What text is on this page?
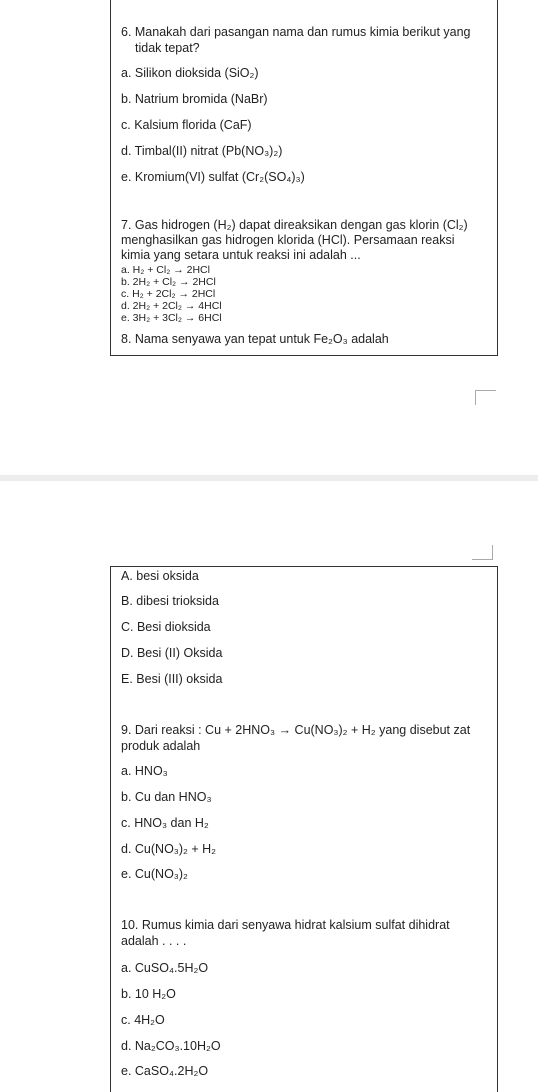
6. Manakah dari pasangan nama dan rumus kimia berikut yang
tidak tepat?
a. Silikon dioksida (SiO₂)
b. Natrium bromida (NaBr)
c. Kalsium florida (CaF)
d. Timbal(II) nitrat (Pb(NO₃)₂)
e. Kromium(VI) sulfat (Cr₂(SO₄)₃)
7. Gas hidrogen (H₂) dapat direaksikan dengan gas klorin (Cl₂)
menghasilkan gas hidrogen klorida (HCl). Persamaan reaksi
kimia yang setara untuk reaksi ini adalah ...
a. H₂ + Cl₂ → 2HCl
b. 2H₂ + Cl₂ → 2HCl
c. H₂ + 2Cl₂ → 2HCl
d. 2H₂ + 2Cl₂ → 4HCl
e. 3H₂ + 3Cl₂ → 6HCl
8. Nama senyawa yan tepat untuk Fe₂O₃ adalah
A. besi oksida
B. dibesi trioksida
C. Besi dioksida
D. Besi (II) Oksida
E. Besi (III) oksida
9. Dari reaksi : Cu + 2HNO₃ → Cu(NO₃)₂ + H₂ yang disebut zat
produk adalah
a. HNO₃
b. Cu dan HNO₃
c. HNO₃ dan H₂
d. Cu(NO₃)₂ + H₂
e. Cu(NO₃)₂
10. Rumus kimia dari senyawa hidrat kalsium sulfat dihidrat
adalah . . . .
a. CuSO₄.5H₂O
b. 10 H₂O
c. 4H₂O
d. Na₂CO₃.10H₂O
e. CaSO₄.2H₂O
